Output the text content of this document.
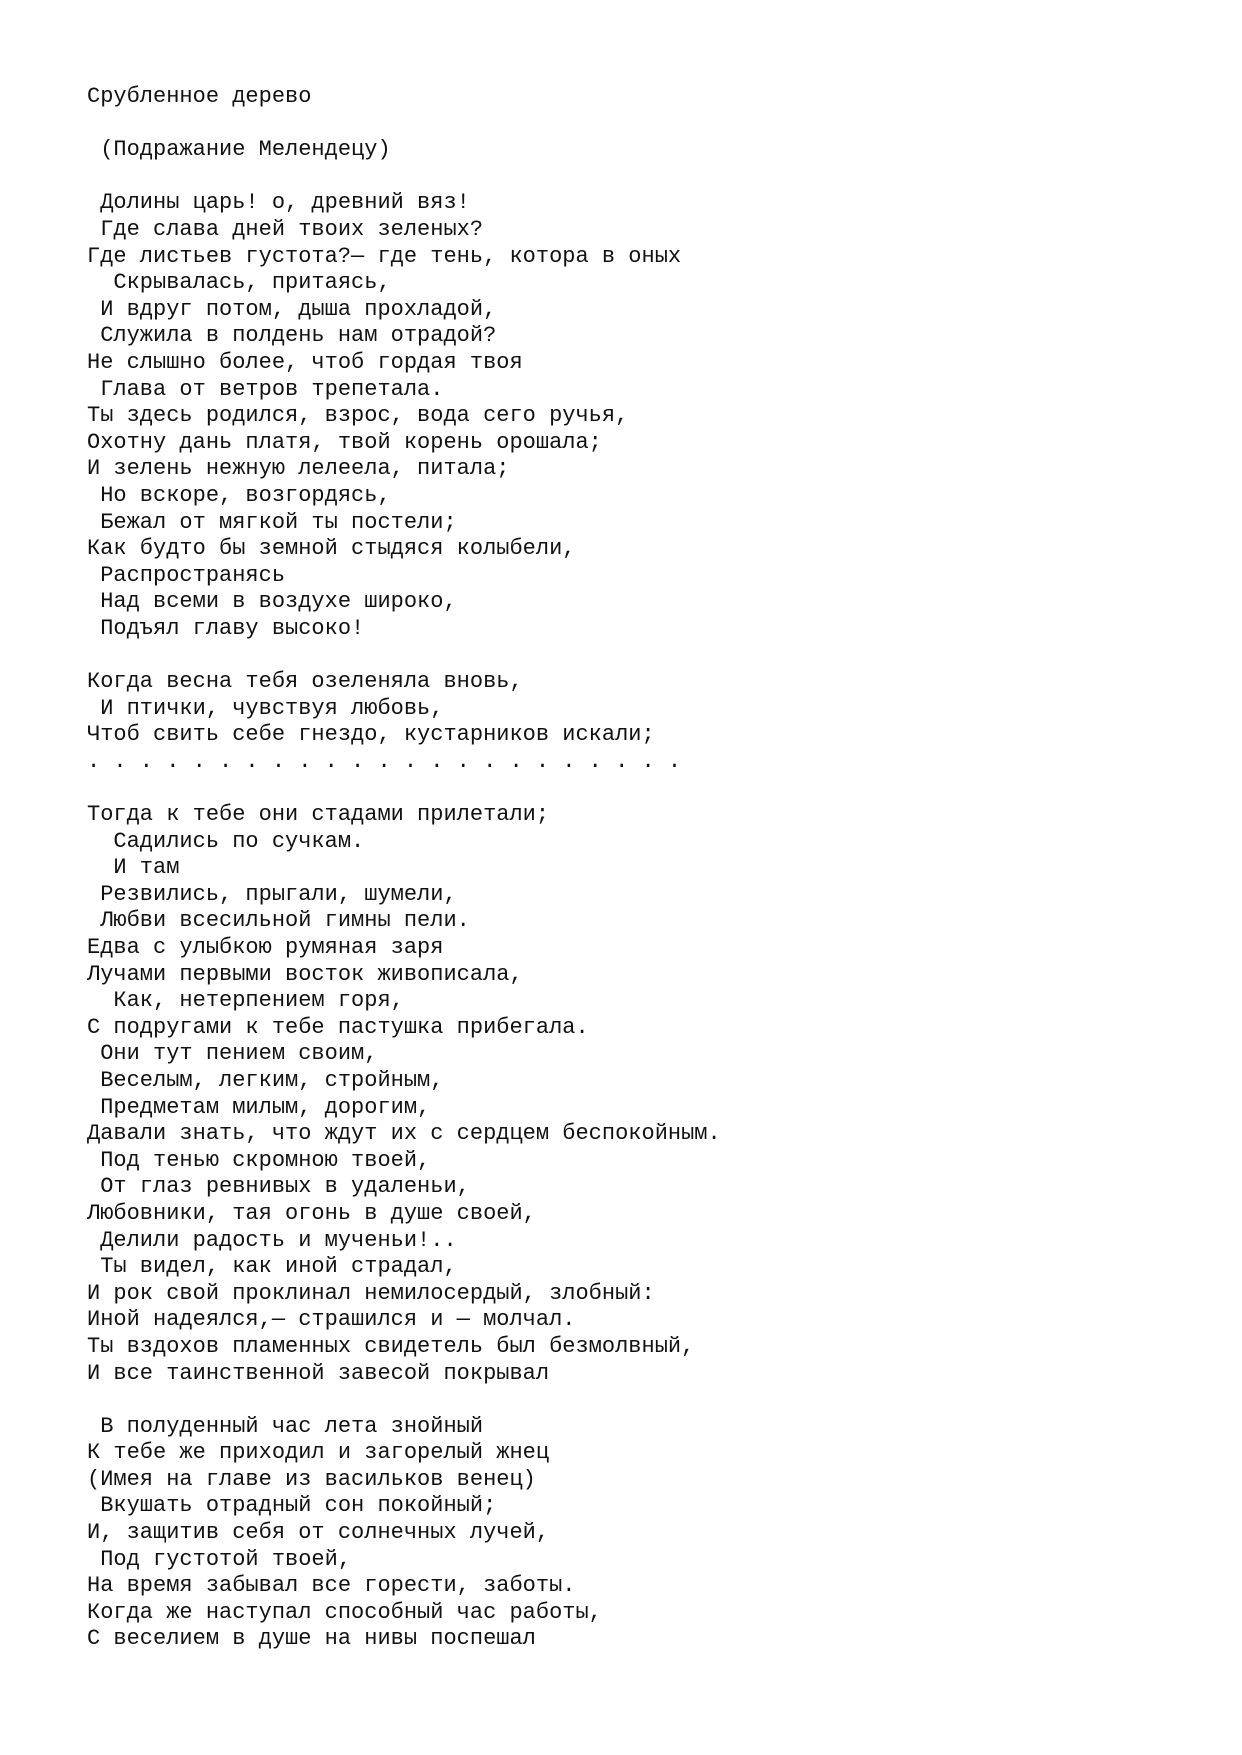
Срубленное дерево
(Подражание Мелендецу)
Долины царь! о, древний вяз!
Где слава дней твоих зеленых?
Где листьев густота?— где тень, котора в оных
Скрывалась, притаясь,
И вдруг потом, дыша прохладой,
Служила в полдень нам отрадой?
Не слышно более, чтоб гордая твоя
Глава от ветров трепетала.
Ты здесь родился, взрос, вода сего ручья,
Охотну дань платя, твой корень орошала;
И зелень нежную лелеела, питала;
Но вскоре, возгордясь,
Бежал от мягкой ты постели;
Как будто бы земной стыдяся колыбели,
Распространясь
Над всеми в воздухе широко,
Подъял главу высоко!
Когда весна тебя озеленяла вновь,
И птички, чувствуя любовь,
Чтоб свить себе гнездо, кустарников искали;
. . . . . . . . . . . . . . . . . . . . . . .
Тогда к тебе они стадами прилетали;
Садились по сучкам.
И там
Резвились, прыгали, шумели,
Любви всесильной гимны пели.
Едва с улыбкою румяная заря
Лучами первыми восток живописала,
Как, нетерпением горя,
С подругами к тебе пастушка прибегала.
Они тут пением своим,
Веселым, легким, стройным,
Предметам милым, дорогим,
Давали знать, что ждут их с сердцем беспокойным.
Под тенью скромною твоей,
От глаз ревнивых в удаленьи,
Любовники, тая огонь в душе своей,
Делили радость и мученьи!..
Ты видел, как иной страдал,
И рок свой проклинал немилосердый, злобный:
Иной надеялся,— страшился и — молчал.
Ты вздохов пламенных свидетель был безмолвный,
И все таинственной завесой покрывал
В полуденный час лета знойный
К тебе же приходил и загорелый жнец
(Имея на главе из васильков венец)
Вкушать отрадный сон покойный;
И, защитив себя от солнечных лучей,
Под густотой твоей,
На время забывал все горести, заботы.
Когда же наступал способный час работы,
С веселием в душе на нивы поспешал
